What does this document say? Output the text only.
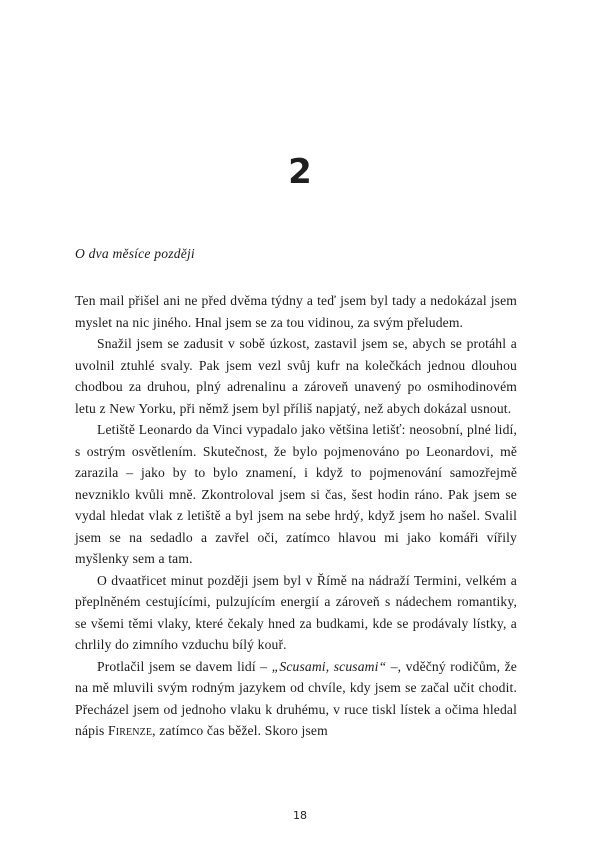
2
O dva měsíce později

Ten mail přišel ani ne před dvěma týdny a teď jsem byl tady a nedokázal jsem myslet na nic jiného. Hnal jsem se za tou vidinou, za svým přeludem.

Snažil jsem se zadusit v sobě úzkost, zastavil jsem se, abych se protáhl a uvolnil ztuhlé svaly. Pak jsem vezl svůj kufr na kolečkách jednou dlouhou chodbou za druhou, plný adrenalinu a zároveň unavený po osmihodinovém letu z New Yorku, při němž jsem byl příliš napjatý, než abych dokázal usnout.

Letiště Leonardo da Vinci vypadalo jako většina letišť: neosobní, plné lidí, s ostrým osvětlením. Skutečnost, že bylo pojmenováno po Leonardovi, mě zarazila – jako by to bylo znamení, i když to pojmenování samozřejmě nevzniklo kvůli mně. Zkontroloval jsem si čas, šest hodin ráno. Pak jsem se vydal hledat vlak z letiště a byl jsem na sebe hrdý, když jsem ho našel. Svalil jsem se na sedadlo a zavřel oči, zatímco hlavou mi jako komáři vířily myšlenky sem a tam.

O dvaatřicet minut později jsem byl v Římě na nádraží Termini, velkém a přeplněném cestujícími, pulzujícím energií a zároveň s nádechem romantiky, se všemi těmi vlaky, které čekaly hned za budkami, kde se prodávaly lístky, a chrlily do zimního vzduchu bílý kouř.

Protlačil jsem se davem lidí – „Scusami, scusami“ –, vděčný rodičům, že na mě mluvili svým rodným jazykem od chvíle, kdy jsem se začal učit chodit. Přecházel jsem od jednoho vlaku k druhému, v ruce tiskl lístek a očima hledal nápis Firenze, zatímco čas běžel. Skoro jsem

18
